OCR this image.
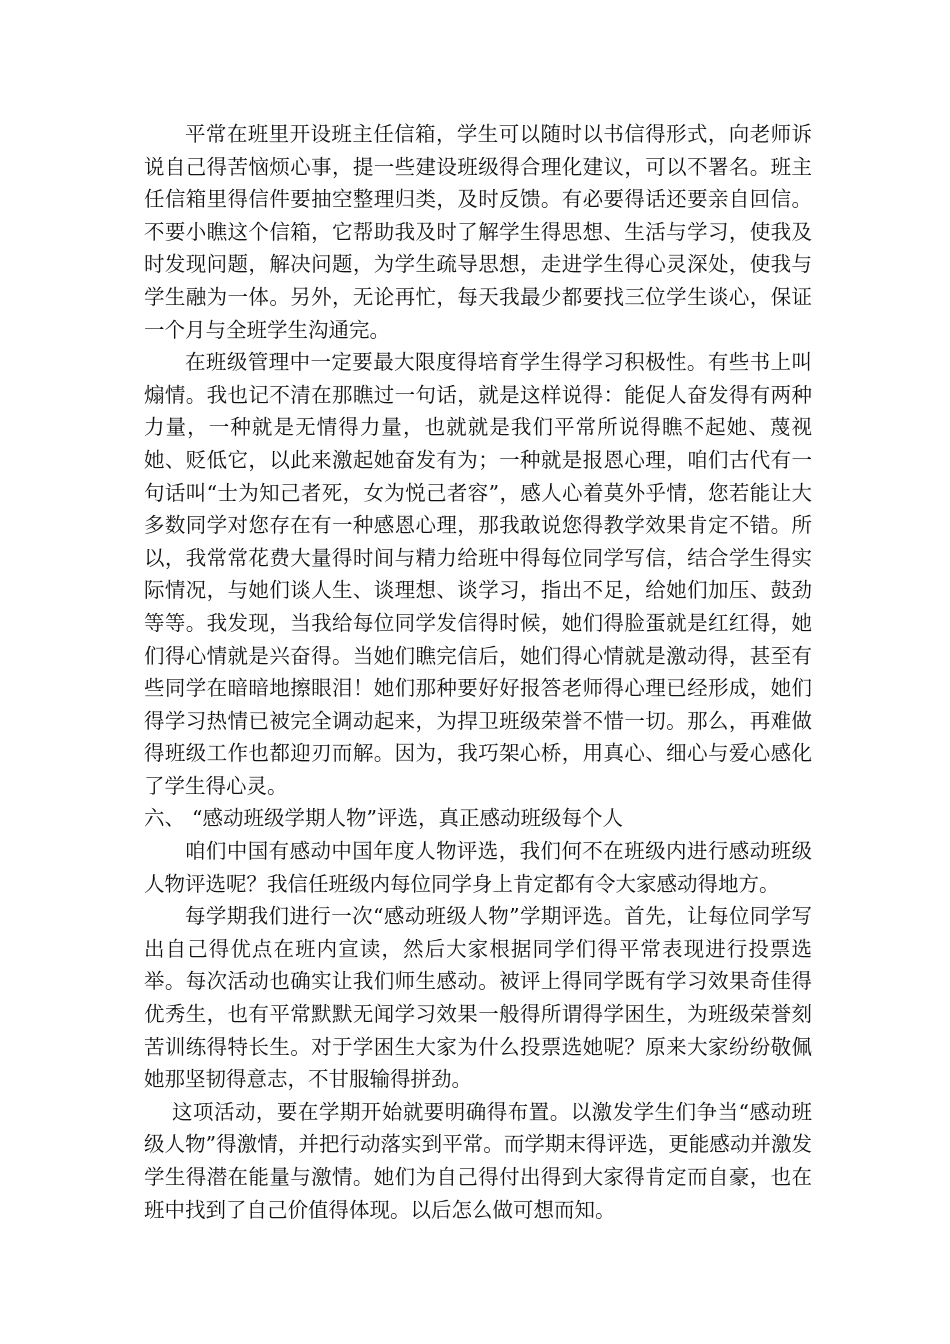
平常在班里开设班主任信箱，学生可以随时以书信得形式，向老师诉说自己得苦恼烦心事，提一些建设班级得合理化建议，可以不署名。班主任信箱里得信件要抽空整理归类，及时反馈。有必要得话还要亲自回信。不要小瞧这个信箱，它帮助我及时了解学生得思想、生活与学习，使我及时发现问题，解决问题，为学生疏导思想，走进学生得心灵深处，使我与学生融为一体。另外，无论再忙，每天我最少都要找三位学生谈心，保证一个月与全班学生沟通完。

在班级管理中一定要最大限度得培育学生得学习积极性。有些书上叫煽情。我也记不清在那瞧过一句话，就是这样说得：能促人奋发得有两种力量，一种就是无情得力量，也就就是我们平常所说得瞧不起她、蔑视她、贬低它，以此来激起她奋发有为；一种就是报恩心理，咱们古代有一句话叫“士为知己者死，女为悦己者容”，感人心着莫外乎情，您若能让大多数同学对您存在有一种感恩心理，那我敢说您得教学效果肯定不错。所以，我常常花费大量得时间与精力给班中得每位同学写信，结合学生得实际情况，与她们谈人生、谈理想、谈学习，指出不足，给她们加压、鼓劲等等。我发现，当我给每位同学发信得时候，她们得脸蛋就是红红得，她们得心情就是兴奋得。当她们瞧完信后，她们得心情就是激动得，甚至有些同学在暗暗地擦眼泪！她们那种要好好报答老师得心理已经形成，她们得学习热情已被完全调动起来，为捍卫班级荣誉不惜一切。那么，再难做得班级工作也都迎刃而解。因为，我巧架心桥，用真心、细心与爱心感化了学生得心灵。

六、 “感动班级学期人物”评选，真正感动班级每个人

咱们中国有感动中国年度人物评选，我们何不在班级内进行感动班级人物评选呢？我信任班级内每位同学身上肯定都有令大家感动得地方。

每学期我们进行一次“感动班级人物”学期评选。首先，让每位同学写出自己得优点在班内宣读，然后大家根据同学们得平常表现进行投票选举。每次活动也确实让我们师生感动。被评上得同学既有学习效果奇佳得优秀生，也有平常默默无闻学习效果一般得所谓得学困生，为班级荣誉刻苦训练得特长生。对于学困生大家为什么投票选她呢？原来大家纷纷敬佩她那坚韧得意志，不甘服输得拼劲。

这项活动，要在学期开始就要明确得布置。以激发学生们争当“感动班级人物”得激情，并把行动落实到平常。而学期末得评选，更能感动并激发学生得潜在能量与激情。她们为自己得付出得到大家得肯定而自豪，也在班中找到了自己价值得体现。以后怎么做可想而知。
